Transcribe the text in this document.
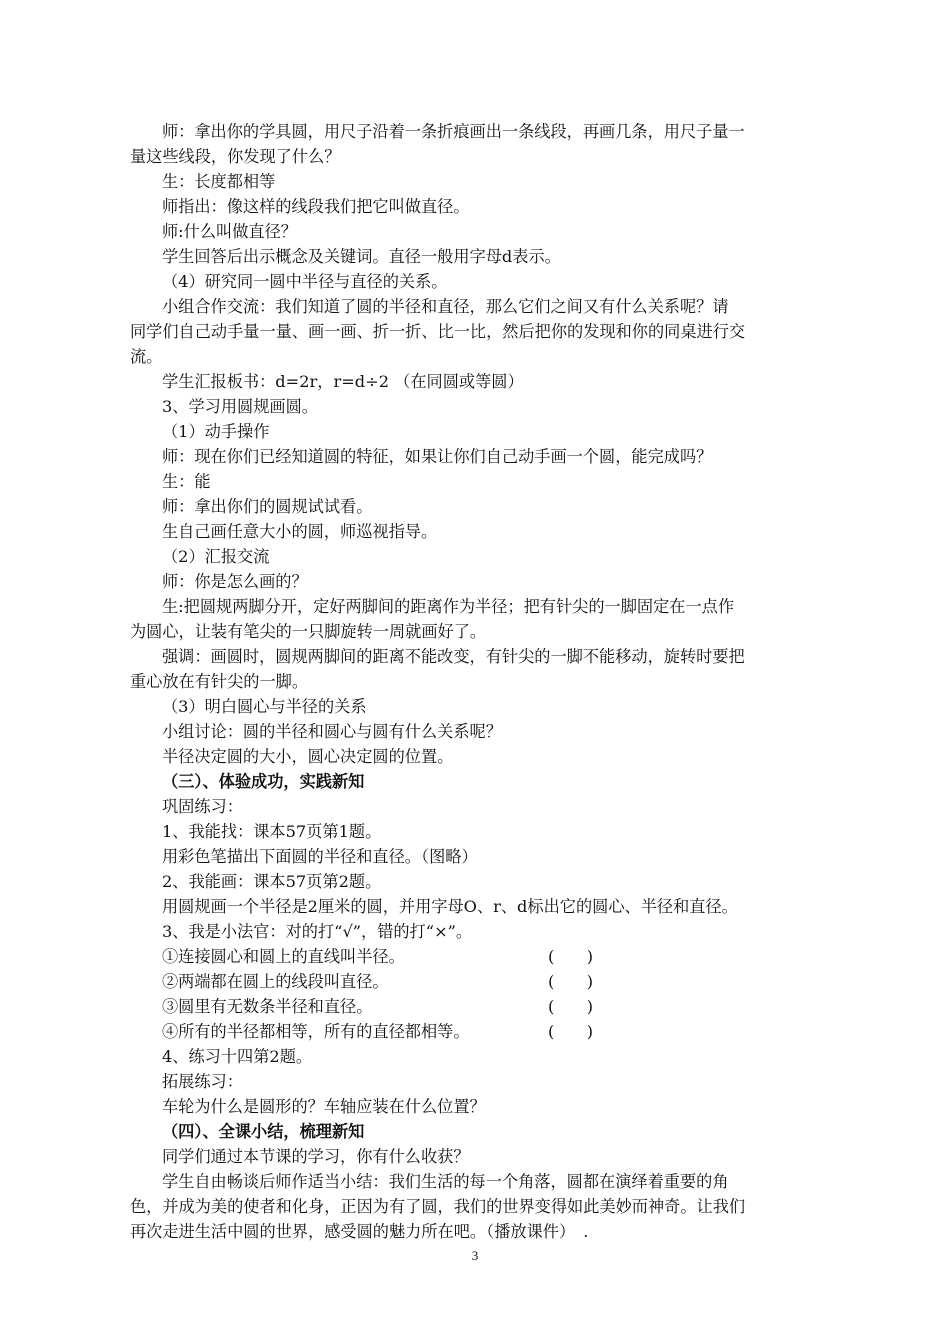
师：拿出你的学具圆，用尺子沿着一条折痕画出一条线段，再画几条，用尺子量一
量这些线段，你发现了什么？
生：长度都相等
师指出：像这样的线段我们把它叫做直径。
师:什么叫做直径？
学生回答后出示概念及关键词。直径一般用字母d表示。
（4）研究同一圆中半径与直径的关系。
小组合作交流：我们知道了圆的半径和直径，那么它们之间又有什么关系呢？请
同学们自己动手量一量、画一画、折一折、比一比，然后把你的发现和你的同桌进行交
流。
学生汇报板书：d=2r，r=d÷2 （在同圆或等圆）
3、学习用圆规画圆。
（1）动手操作
师：现在你们已经知道圆的特征，如果让你们自己动手画一个圆，能完成吗？
生：能
师：拿出你们的圆规试试看。
生自己画任意大小的圆，师巡视指导。
（2）汇报交流
师：你是怎么画的？
生:把圆规两脚分开，定好两脚间的距离作为半径；把有针尖的一脚固定在一点作
为圆心，让装有笔尖的一只脚旋转一周就画好了。
强调：画圆时，圆规两脚间的距离不能改变，有针尖的一脚不能移动，旋转时要把
重心放在有针尖的一脚。
（3）明白圆心与半径的关系
小组讨论：圆的半径和圆心与圆有什么关系呢？
半径决定圆的大小，圆心决定圆的位置。
（三）、体验成功，实践新知
巩固练习：
1、我能找：课本57页第1题。
用彩色笔描出下面圆的半径和直径。（图略）
2、我能画：课本57页第2题。
用圆规画一个半径是2厘米的圆，并用字母O、r、d标出它的圆心、半径和直径。
3、我是小法官：对的打“√”，错的打“×”。
①连接圆心和圆上的直线叫半径。	(　　)
②两端都在圆上的线段叫直径。	(　　)
③圆里有无数条半径和直径。	(　　)
④所有的半径都相等，所有的直径都相等。	(　　)
4、练习十四第2题。
拓展练习：
车轮为什么是圆形的？车轴应装在什么位置？
（四）、全课小结，梳理新知
同学们通过本节课的学习，你有什么收获？
学生自由畅谈后师作适当小结：我们生活的每一个角落，圆都在演绎着重要的角
色，并成为美的使者和化身，正因为有了圆，我们的世界变得如此美妙而神奇。让我们
再次走进生活中圆的世界，感受圆的魅力所在吧。（播放课件）　.
3
